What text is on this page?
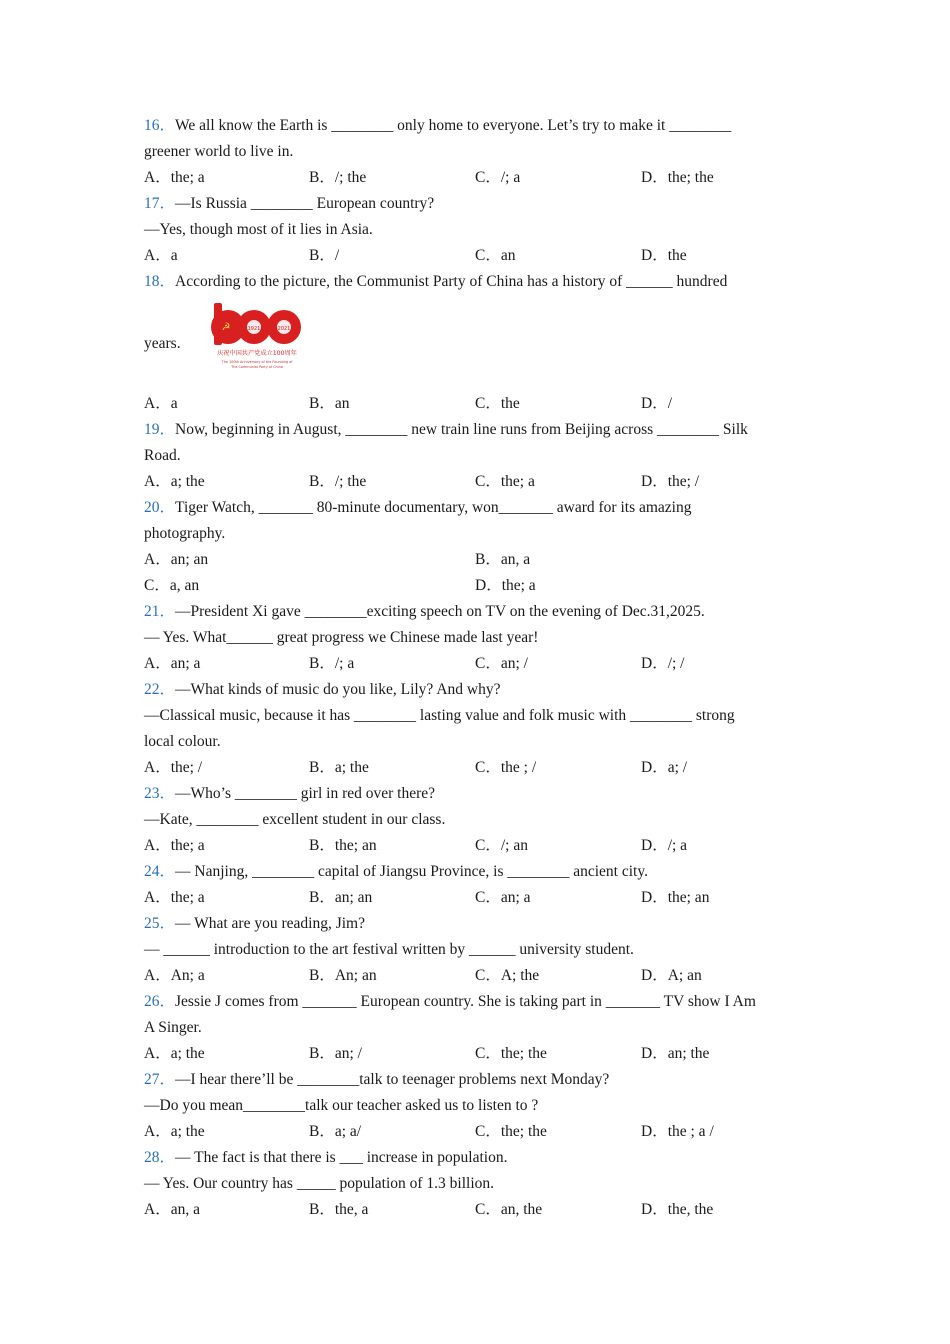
16．We all know the Earth is ________ only home to everyone. Let’s try to make it ________
greener world to live in.
A．the; a	B．/; the	C．/; a	D．the; the
17．—Is Russia ________ European country?
—Yes, though most of it lies in Asia.
A．a	B．/	C．an	D．the
18．According to the picture, the Communist Party of China has a history of ______ hundred
years.
1921	2021
☭
庆祝中国共产党成立100周年
The 100th Anniversary of the Founding of
The Communist Party of China
A．a	B．an	C．the	D．/
19．Now, beginning in August, ________ new train line runs from Beijing across ________ Silk
Road.
A．a; the	B．/; the	C．the; a	D．the; /
20．Tiger Watch, _______ 80-minute documentary, won_______ award for its amazing
photography.
A．an; an	B．an, a
C．a, an	D．the; a
21．—President Xi gave ________exciting speech on TV on the evening of Dec.31,2025.
— Yes. What______ great progress we Chinese made last year!
A．an; a	B．/; a	C．an; /	D．/; /
22．—What kinds of music do you like, Lily? And why?
—Classical music, because it has ________ lasting value and folk music with ________ strong
local colour.
A．the; /	B．a; the	C．the ; /	D．a; /
23．—Who’s ________ girl in red over there?
—Kate, ________ excellent student in our class.
A．the; a	B．the; an	C．/; an	D．/; a
24．— Nanjing, ________ capital of Jiangsu Province, is ________ ancient city.
A．the; a	B．an; an	C．an; a	D．the; an
25．— What are you reading, Jim?
— ______ introduction to the art festival written by ______ university student.
A．An; a	B．An; an	C．A; the	D．A; an
26．Jessie J comes from _______ European country. She is taking part in _______ TV show I Am
A Singer.
A．a; the	B．an; /	C．the; the	D．an; the
27．—I hear there’ll be ________talk to teenager problems next Monday?
—Do you mean________talk our teacher asked us to listen to ?
A．a; the	B．a; a/	C．the; the	D．the ; a /
28．— The fact is that there is ___ increase in population.
— Yes. Our country has _____ population of 1.3 billion.
A．an, a	B．the, a	C．an, the	D．the, the
